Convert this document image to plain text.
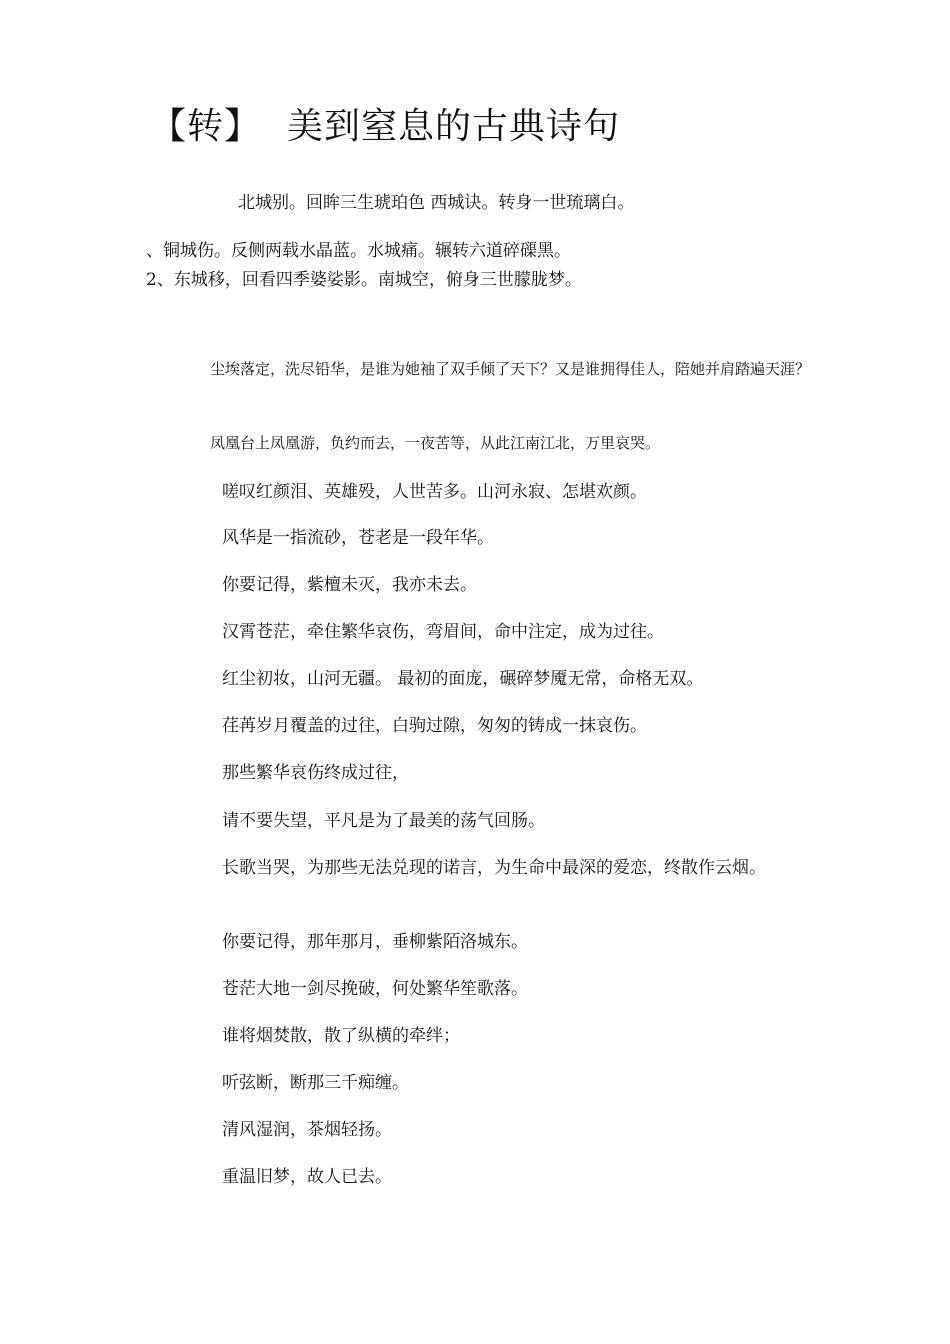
【转】 美到窒息的古典诗句
北城别。回眸三生琥珀色 西城诀。转身一世琉璃白。
、铜城伤。反侧两载水晶蓝。水城痛。辗转六道碎磲黑。
2、东城移，回看四季婆娑影。南城空，俯身三世朦胧梦。
尘埃落定，洗尽铅华，是谁为她袖了双手倾了天下？又是谁拥得佳人，陪她并肩踏遍天涯？
凤凰台上凤凰游，负约而去，一夜苦等，从此江南江北，万里哀哭。
嗟叹红颜泪、英雄殁，人世苦多。山河永寂、怎堪欢颜。
风华是一指流砂，苍老是一段年华。
你要记得，紫檀未灭，我亦未去。
汉霄苍茫，牵住繁华哀伤，弯眉间，命中注定，成为过往。
红尘初妆，山河无疆。 最初的面庞，碾碎梦魇无常，命格无双。
荏苒岁月覆盖的过往，白驹过隙，匆匆的铸成一抹哀伤。
那些繁华哀伤终成过往，
请不要失望，平凡是为了最美的荡气回肠。
长歌当哭，为那些无法兑现的诺言，为生命中最深的爱恋，终散作云烟。
你要记得，那年那月，垂柳紫陌洛城东。
苍茫大地一剑尽挽破，何处繁华笙歌落。
谁将烟焚散，散了纵横的牵绊；
听弦断，断那三千痴缠。
清风湿润，茶烟轻扬。
重温旧梦，故人已去。
